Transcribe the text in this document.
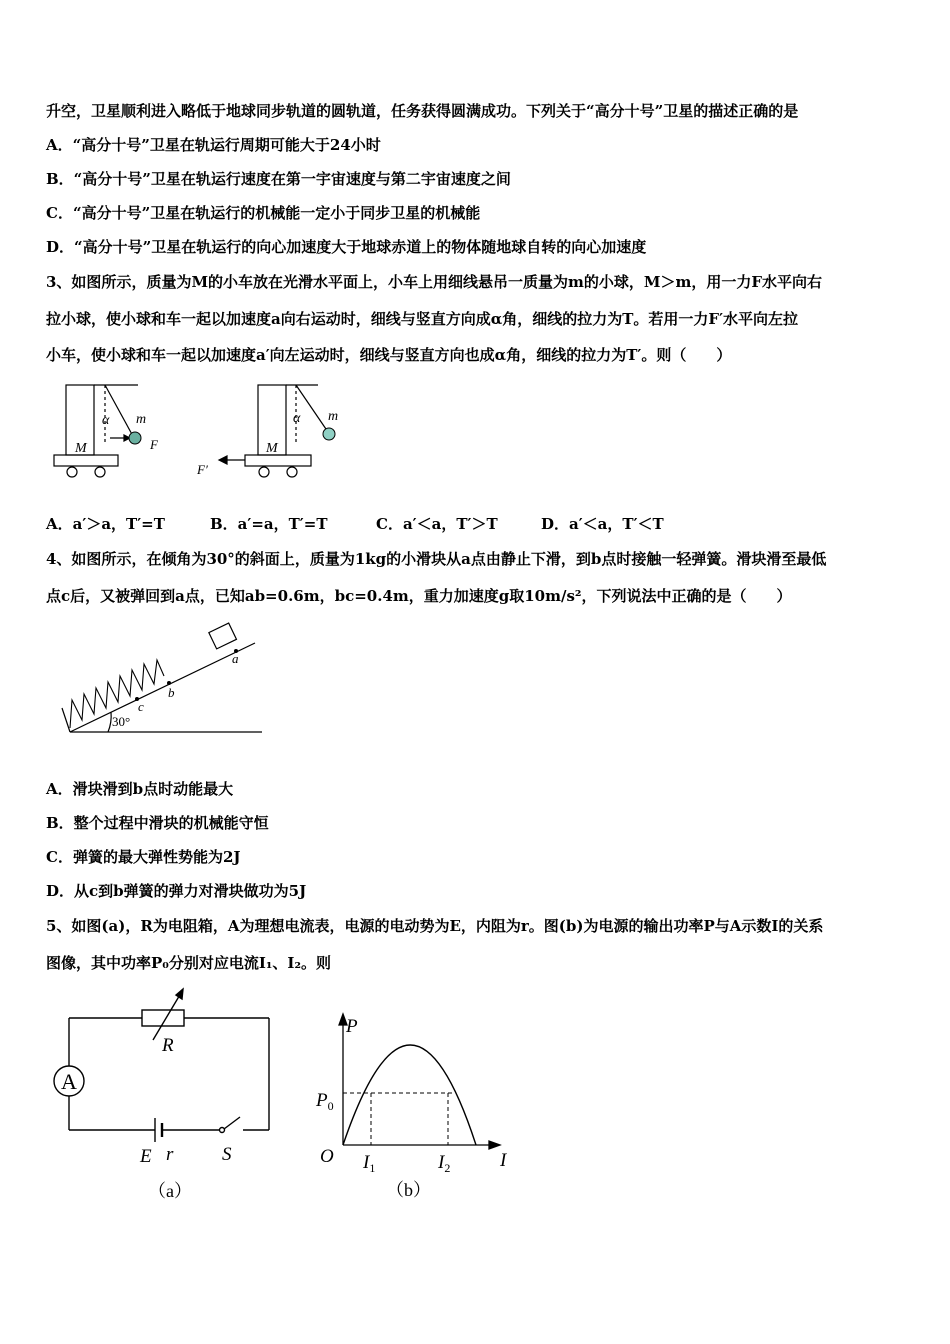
升空，卫星顺利进入略低于地球同步轨道的圆轨道，任务获得圆满成功。下列关于“高分十号”卫星的描述正确的是
A．“高分十号”卫星在轨运行周期可能大于24小时
B．“高分十号”卫星在轨运行速度在第一宇宙速度与第二宇宙速度之间
C．“高分十号”卫星在轨运行的机械能一定小于同步卫星的机械能
D．“高分十号”卫星在轨运行的向心加速度大于地球赤道上的物体随地球自转的向心加速度
3、如图所示，质量为M的小车放在光滑水平面上，小车上用细线悬吊一质量为m的小球，M＞m，用一力F水平向右
拉小球，使小球和车一起以加速度a向右运动时，细线与竖直方向成α角，细线的拉力为T。若用一力F′水平向左拉
小车，使小球和车一起以加速度a′向左运动时，细线与竖直方向也成α角，细线的拉力为T′。则（　　）
α m
M	F
α m
M
F′
A．a′＞a，T′=T	B．a′=a，T′=T	C．a′＜a，T′＞T	D．a′＜a，T′＜T
4、如图所示，在倾角为30°的斜面上，质量为1kg的小滑块从a点由静止下滑，到b点时接触一轻弹簧。滑块滑至最低
点c后，又被弹回到a点，已知ab=0.6m，bc=0.4m，重力加速度g取10m/s²，下列说法中正确的是（　　）
a
b
c
30°
A．滑块滑到b点时动能最大
B．整个过程中滑块的机械能守恒
C．弹簧的最大弹性势能为2J
D．从c到b弹簧的弹力对滑块做功为5J
5、如图(a)，R为电阻箱，A为理想电流表，电源的电动势为E，内阻为r。图(b)为电源的输出功率P与A示数I的关系
图像，其中功率P₀分别对应电流I₁、I₂。则
A
R
E r	S
（a）
P
$P_0$
O $I_1$	$I_2$	I
（b）
